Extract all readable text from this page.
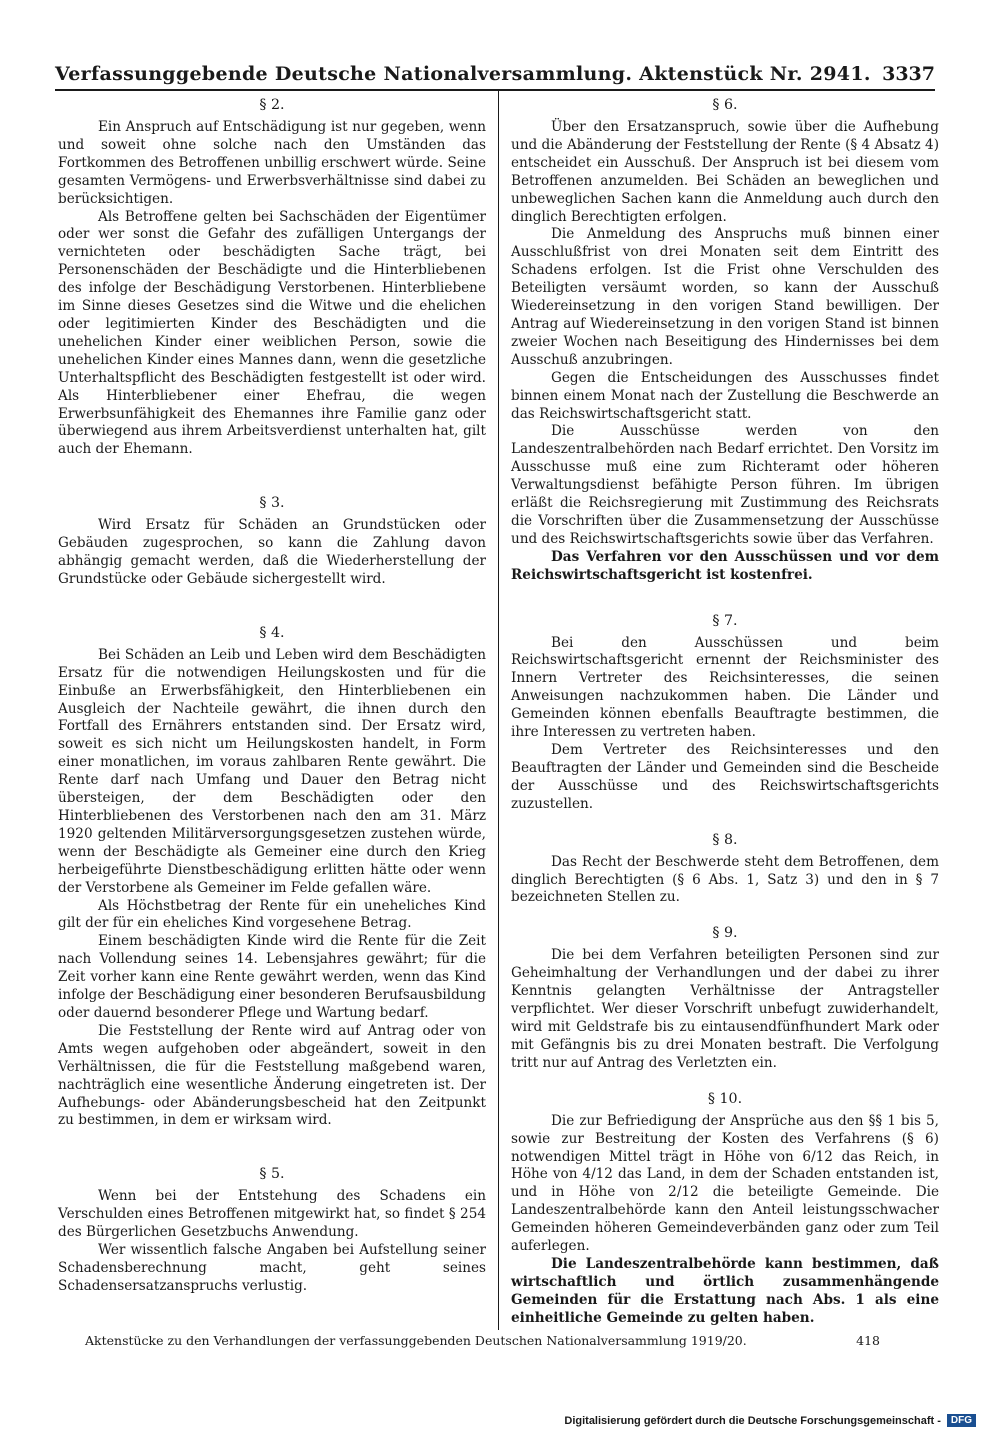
Verfassunggebende Deutsche Nationalversammlung. Aktenstück Nr. 2941. 3337
§ 2.

Ein Anspruch auf Entschädigung ist nur gegeben, wenn und soweit ohne solche nach den Umständen das Fortkommen des Betroffenen unbillig erschwert würde. Seine gesamten Vermögens- und Erwerbsverhältnisse sind dabei zu berücksichtigen.

Als Betroffene gelten bei Sachschäden der Eigentümer oder wer sonst die Gefahr des zufälligen Untergangs der vernichteten oder beschädigten Sache trägt, bei Personenschäden der Beschädigte und die Hinterbliebenen des infolge der Beschädigung Verstorbenen. Hinterbliebene im Sinne dieses Gesetzes sind die Witwe und die ehelichen oder legitimierten Kinder des Beschädigten und die unehelichen Kinder einer weiblichen Person, sowie die unehelichen Kinder eines Mannes dann, wenn die gesetzliche Unterhaltspflicht des Beschädigten festgestellt ist oder wird. Als Hinterbliebener einer Ehefrau, die wegen Erwerbsunfähigkeit des Ehemannes ihre Familie ganz oder überwiegend aus ihrem Arbeitsverdienst unterhalten hat, gilt auch der Ehemann.

§ 3.

Wird Ersatz für Schäden an Grundstücken oder Gebäuden zugesprochen, so kann die Zahlung davon abhängig gemacht werden, daß die Wiederherstellung der Grundstücke oder Gebäude sichergestellt wird.

§ 4.

Bei Schäden an Leib und Leben wird dem Beschädigten Ersatz für die notwendigen Heilungskosten und für die Einbuße an Erwerbsfähigkeit, den Hinterbliebenen ein Ausgleich der Nachteile gewährt, die ihnen durch den Fortfall des Ernährers entstanden sind. Der Ersatz wird, soweit es sich nicht um Heilungskosten handelt, in Form einer monatlichen, im voraus zahlbaren Rente gewährt. Die Rente darf nach Umfang und Dauer den Betrag nicht übersteigen, der dem Beschädigten oder den Hinterbliebenen des Verstorbenen nach den am 31. März 1920 geltenden Militärversorgungsgesetzen zustehen würde, wenn der Beschädigte als Gemeiner eine durch den Krieg herbeigeführte Dienstbeschädigung erlitten hätte oder wenn der Verstorbene als Gemeiner im Felde gefallen wäre.

Als Höchstbetrag der Rente für ein uneheliches Kind gilt der für ein eheliches Kind vorgesehene Betrag.

Einem beschädigten Kinde wird die Rente für die Zeit nach Vollendung seines 14. Lebensjahres gewährt; für die Zeit vorher kann eine Rente gewährt werden, wenn das Kind infolge der Beschädigung einer besonderen Berufsausbildung oder dauernd besonderer Pflege und Wartung bedarf.

Die Feststellung der Rente wird auf Antrag oder von Amts wegen aufgehoben oder abgeändert, soweit in den Verhältnissen, die für die Feststellung maßgebend waren, nachträglich eine wesentliche Änderung eingetreten ist. Der Aufhebungs- oder Abänderungsbescheid hat den Zeitpunkt zu bestimmen, in dem er wirksam wird.

§ 5.

Wenn bei der Entstehung des Schadens ein Verschulden eines Betroffenen mitgewirkt hat, so findet § 254 des Bürgerlichen Gesetzbuchs Anwendung.

Wer wissentlich falsche Angaben bei Aufstellung seiner Schadensberechnung macht, geht seines Schadensersatzanspruchs verlustig.

§ 6.

Über den Ersatzanspruch, sowie über die Aufhebung und die Abänderung der Feststellung der Rente (§ 4 Absatz 4) entscheidet ein Ausschuß. Der Anspruch ist bei diesem vom Betroffenen anzumelden. Bei Schäden an beweglichen und unbeweglichen Sachen kann die Anmeldung auch durch den dinglich Berechtigten erfolgen.

Die Anmeldung des Anspruchs muß binnen einer Ausschlußfrist von drei Monaten seit dem Eintritt des Schadens erfolgen. Ist die Frist ohne Verschulden des Beteiligten versäumt worden, so kann der Ausschuß Wiedereinsetzung in den vorigen Stand bewilligen. Der Antrag auf Wiedereinsetzung in den vorigen Stand ist binnen zweier Wochen nach Beseitigung des Hindernisses bei dem Ausschuß anzubringen.

Gegen die Entscheidungen des Ausschusses findet binnen einem Monat nach der Zustellung die Beschwerde an das Reichswirtschaftsgericht statt.

Die Ausschüsse werden von den Landeszentralbehörden nach Bedarf errichtet. Den Vorsitz im Ausschusse muß eine zum Richteramt oder höheren Verwaltungsdienst befähigte Person führen. Im übrigen erläßt die Reichsregierung mit Zustimmung des Reichsrats die Vorschriften über die Zusammensetzung der Ausschüsse und des Reichswirtschaftsgerichts sowie über das Verfahren.

Das Verfahren vor den Ausschüssen und vor dem Reichswirtschaftsgericht ist kostenfrei.

§ 7.

Bei den Ausschüssen und beim Reichswirtschaftsgericht ernennt der Reichsminister des Innern Vertreter des Reichsinteresses, die seinen Anweisungen nachzukommen haben. Die Länder und Gemeinden können ebenfalls Beauftragte bestimmen, die ihre Interessen zu vertreten haben.

Dem Vertreter des Reichsinteresses und den Beauftragten der Länder und Gemeinden sind die Bescheide der Ausschüsse und des Reichswirtschaftsgerichts zuzustellen.

§ 8.

Das Recht der Beschwerde steht dem Betroffenen, dem dinglich Berechtigten (§ 6 Abs. 1, Satz 3) und den in § 7 bezeichneten Stellen zu.

§ 9.

Die bei dem Verfahren beteiligten Personen sind zur Geheimhaltung der Verhandlungen und der dabei zu ihrer Kenntnis gelangten Verhältnisse der Antragsteller verpflichtet. Wer dieser Vorschrift unbefugt zuwiderhandelt, wird mit Geldstrafe bis zu eintausendfünfhundert Mark oder mit Gefängnis bis zu drei Monaten bestraft. Die Verfolgung tritt nur auf Antrag des Verletzten ein.

§ 10.

Die zur Befriedigung der Ansprüche aus den §§ 1 bis 5, sowie zur Bestreitung der Kosten des Verfahrens (§ 6) notwendigen Mittel trägt in Höhe von 6/12 das Reich, in Höhe von 4/12 das Land, in dem der Schaden entstanden ist, und in Höhe von 2/12 die beteiligte Gemeinde. Die Landeszentralbehörde kann den Anteil leistungsschwacher Gemeinden höheren Gemeindeverbänden ganz oder zum Teil auferlegen.

Die Landeszentralbehörde kann bestimmen, daß wirtschaftlich und örtlich zusammenhängende Gemeinden für die Erstattung nach Abs. 1 als eine einheitliche Gemeinde zu gelten haben.

Aktenstücke zu den Verhandlungen der verfassunggebenden Deutschen Nationalversammlung 1919/20.	418
Digitalisierung gefördert durch die Deutsche Forschungsgemeinschaft -	DFG
